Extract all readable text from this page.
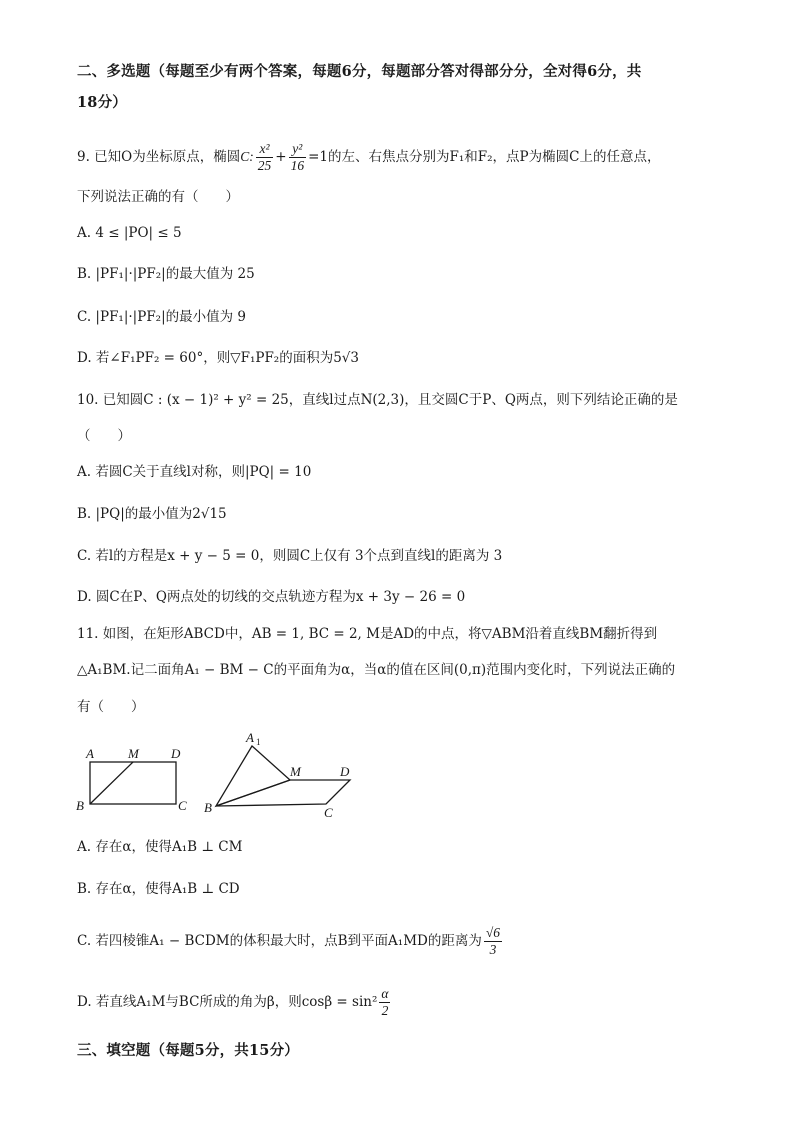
二、多选题（每题至少有两个答案，每题6分，每题部分答对得部分分，全对得6分，共
18分）
9. 已知O为坐标原点，椭圆C: $\frac{\text{x²}}{25} + \frac{\text{y²}}{16} =1$的左、右焦点分别为F₁和F₂，点P为椭圆C上的任意点，
下列说法正确的有（　　）
A. 4 ≤ |PO| ≤ 5
B. |PF₁|·|PF₂|的最大值为 25
C. |PF₁|·|PF₂|的最小值为 9
D. 若∠F₁PF₂ = 60°，则▽F₁PF₂的面积为5√3
10. 已知圆C : (x − 1)² + y² = 25，直线l过点N(2,3)，且交圆C于P、Q两点，则下列结论正确的是
（　　）
A. 若圆C关于直线l对称，则|PQ| = 10
B. |PQ|的最小值为2√15
C. 若l的方程是x + y − 5 = 0，则圆C上仅有 3个点到直线l的距离为 3
D. 圆C在P、Q两点处的切线的交点轨迹方程为x + 3y − 26 = 0
11. 如图，在矩形ABCD中，AB = 1, BC = 2, M是AD的中点，将▽ABM沿着直线BM翻折得到
△A₁BM.记二面角A₁ − BM − C的平面角为α，当α的值在区间(0,π)范围内变化时，下列说法正确的
有（　　）
A	M D
B	C
A 1
M	D
B	C
A. 存在α，使得A₁B ⊥ CM
B. 存在α，使得A₁B ⊥ CD
C. 若四棱锥A₁ − BCDM的体积最大时，点B到平面A₁MD的距离为 $\frac{√6}{3}$
D. 若直线A₁M与BC所成的角为β，则$\cos\beta = \sin^2 \frac{\alpha}{2}$
三、填空题（每题5分，共15分）
